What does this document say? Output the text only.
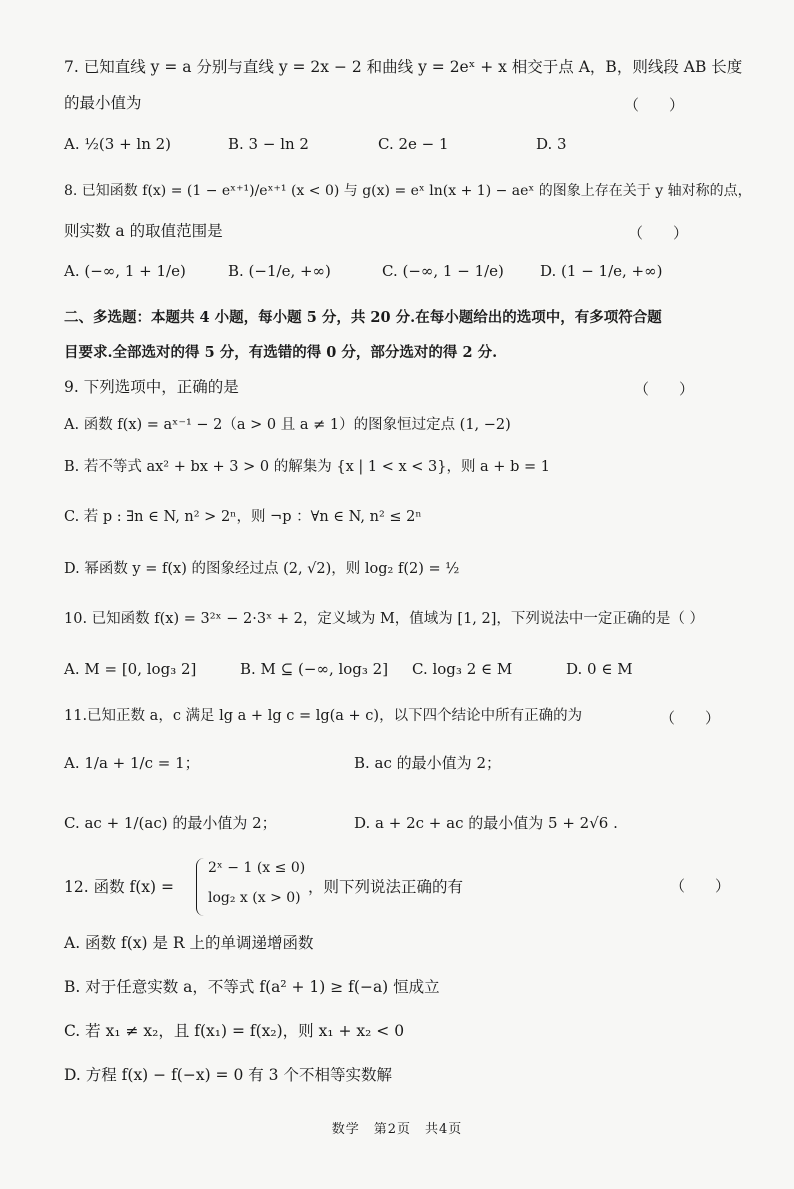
7. 已知直线 y = a 分别与直线 y = 2x − 2 和曲线 y = 2eˣ + x 相交于点 A，B，则线段 AB 长度
的最小值为	（　　）
A. ½(3 + ln 2)	B. 3 − ln 2	C. 2e − 1	D. 3
8. 已知函数 f(x) = (1 − eˣ⁺¹)/eˣ⁺¹ (x < 0) 与 g(x) = eˣ ln(x + 1) − aeˣ 的图象上存在关于 y 轴对称的点，
则实数 a 的取值范围是	（　　）
A. (−∞, 1 + 1/e)	B. (−1/e, +∞)	C. (−∞, 1 − 1/e) D. (1 − 1/e, +∞)
二、多选题：本题共 4 小题，每小题 5 分，共 20 分.在每小题给出的选项中，有多项符合题
目要求.全部选对的得 5 分，有选错的得 0 分，部分选对的得 2 分.
9. 下列选项中，正确的是	（　　）
A. 函数 f(x) = aˣ⁻¹ − 2（a > 0 且 a ≠ 1）的图象恒过定点 (1, −2)
B. 若不等式 ax² + bx + 3 > 0 的解集为 {x | 1 < x < 3}，则 a + b = 1
C. 若 p : ∃n ∈ N, n² > 2ⁿ，则 ¬p ：∀n ∈ N, n² ≤ 2ⁿ
D. 幂函数 y = f(x) 的图象经过点 (2, √2)，则 log₂ f(2) = ½
10. 已知函数 f(x) = 3²ˣ − 2·3ˣ + 2，定义域为 M，值域为 [1, 2]，下列说法中一定正确的是（ ）
A. M = [0, log₃ 2]	B. M ⊆ (−∞, log₃ 2] C. log₃ 2 ∈ M	D. 0 ∈ M
11.已知正数 a，c 满足 lg a + lg c = lg(a + c)，以下四个结论中所有正确的为	（　　）
A. 1/a + 1/c = 1；	B. ac 的最小值为 2；
C. ac + 1/(ac) 的最小值为 2；	D. a + 2c + ac 的最小值为 5 + 2√6 .
12. 函数 f(x) =
2ˣ − 1 (x ≤ 0)
log₂ x (x > 0)
，则下列说法正确的有	（　　）
A. 函数 f(x) 是 R 上的单调递增函数
B. 对于任意实数 a，不等式 f(a² + 1) ≥ f(−a) 恒成立
C. 若 x₁ ≠ x₂，且 f(x₁) = f(x₂)，则 x₁ + x₂ < 0
D. 方程 f(x) − f(−x) = 0 有 3 个不相等实数解
数学　第2页　共4页
